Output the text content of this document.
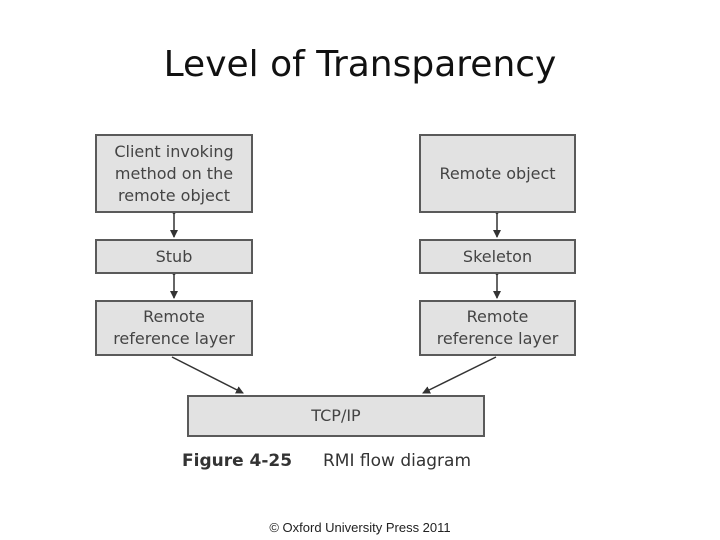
Level of Transparency
Client invoking
method on the
remote object
Remote object
Stub	Skeleton
Remote
reference layer
Remote
reference layer
TCP/IP
Figure 4-25 RMI flow diagram
© Oxford University Press 2011
